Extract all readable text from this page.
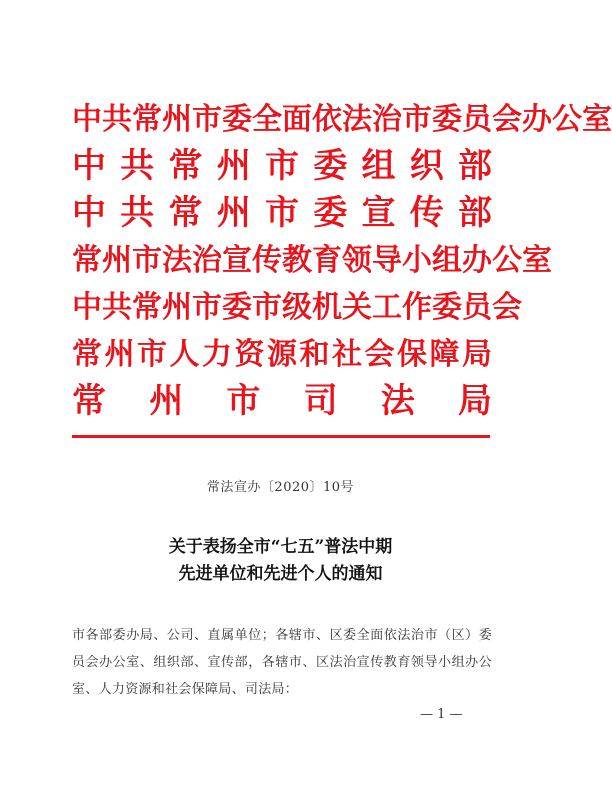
中 共 常 州 市 委 全 面 依 法 治 市 委 员 会 办 公 室
中 共 常 州 市 委 组 织 部
中 共 常 州 市 委 宣 传 部
常 州 市 法 治 宣 传 教 育 领 导 小 组 办 公 室
中 共 常 州 市 委 市 级 机 关 工 作 委 员 会
常 州 市 人 力 资 源 和 社 会 保 障 局
常 州 市 司 法 局
常法宣办〔2020〕10号
关于表扬全市“七五”普法中期
先进单位和先进个人的通知
市各部委办局、公司、直属单位；各辖市、区委全面依法治市（区）委员会办公室、组织部、宣传部，各辖市、区法治宣传教育领导小组办公室、人力资源和社会保障局、司法局：
— 1 —
